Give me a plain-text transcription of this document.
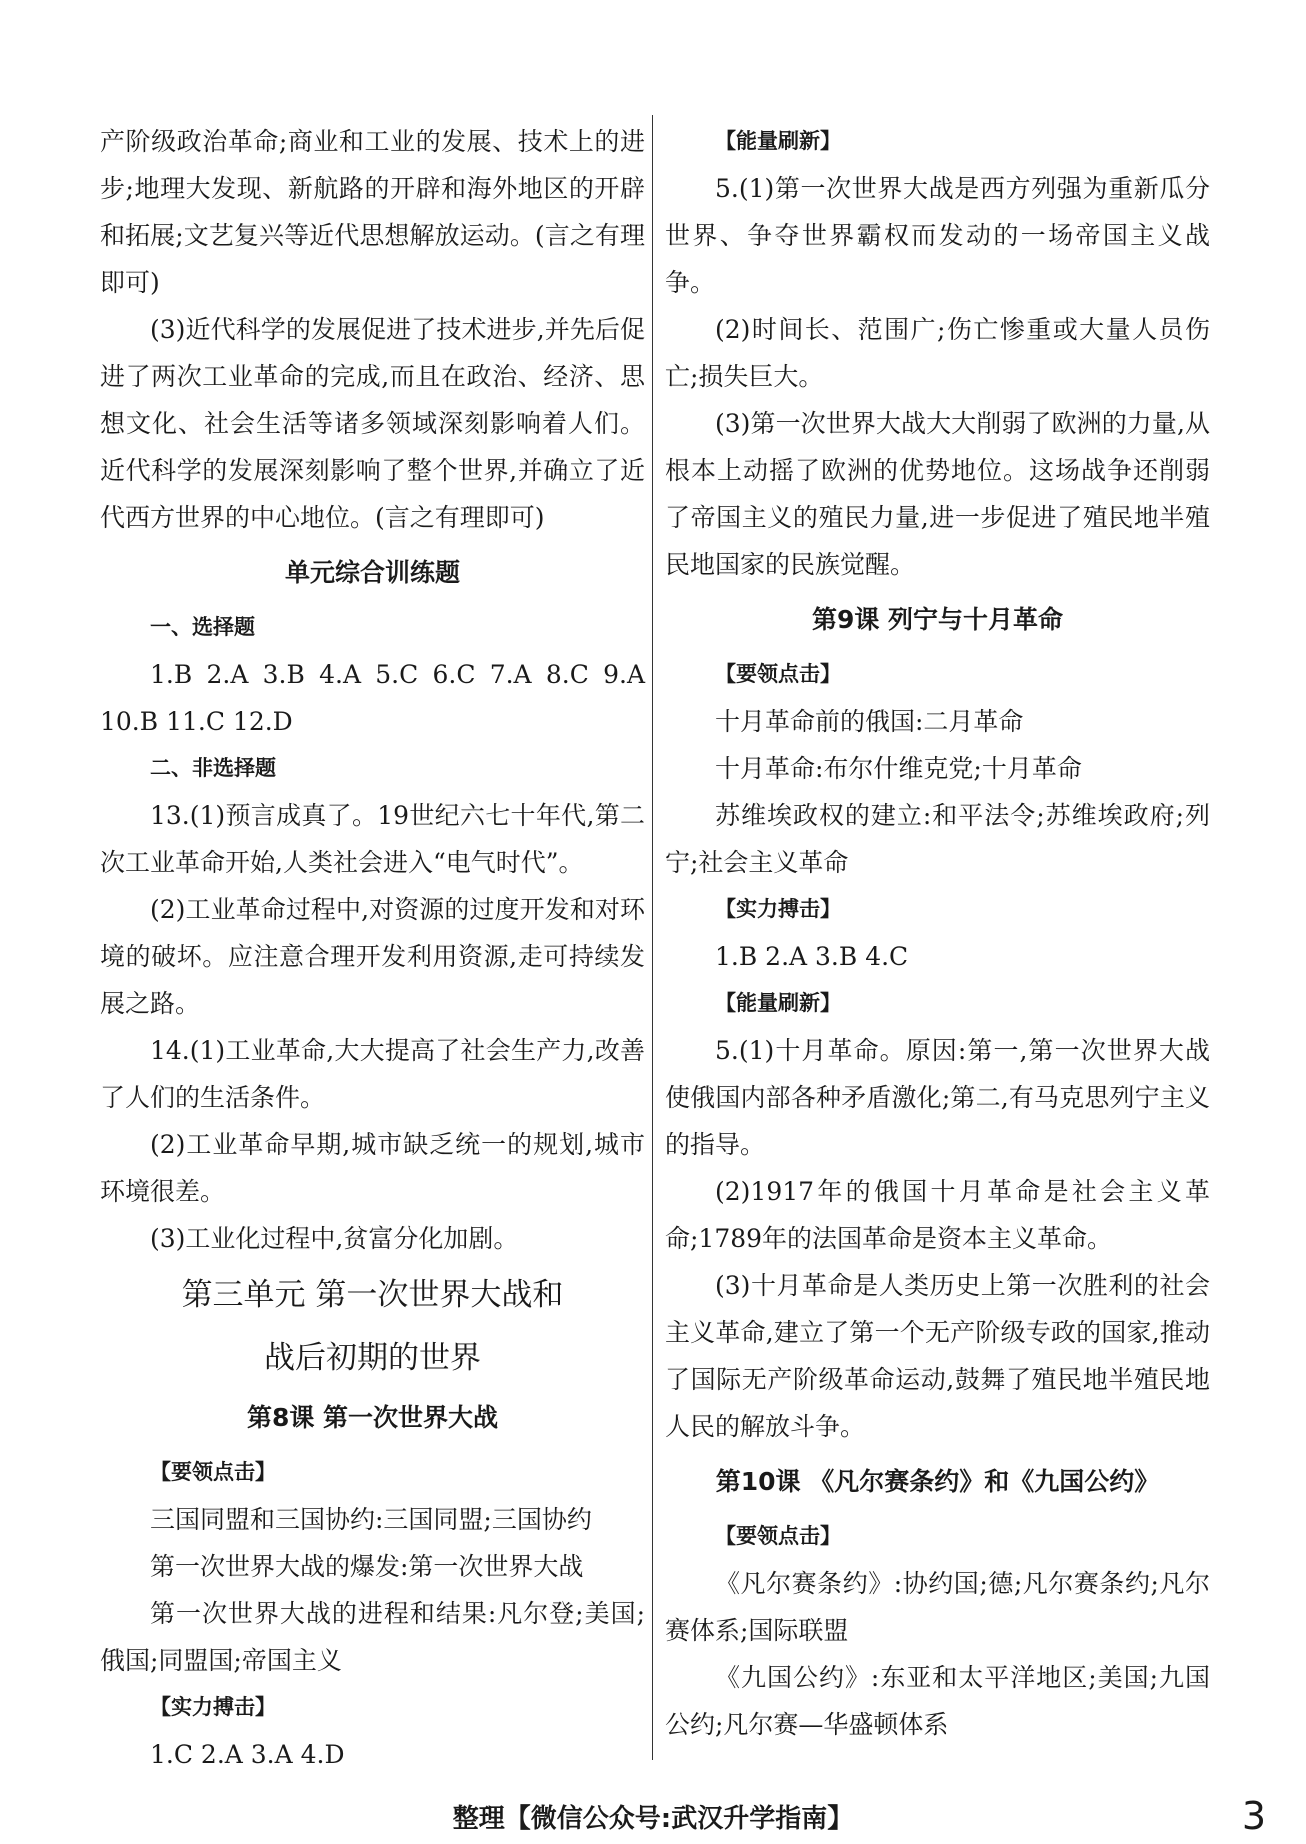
产阶级政治革命;商业和工业的发展、技术上的进步;地理大发现、新航路的开辟和海外地区的开辟和拓展;文艺复兴等近代思想解放运动。(言之有理即可)
(3)近代科学的发展促进了技术进步,并先后促进了两次工业革命的完成,而且在政治、经济、思想文化、社会生活等诸多领域深刻影响着人们。近代科学的发展深刻影响了整个世界,并确立了近代西方世界的中心地位。(言之有理即可)
单元综合训练题
一、选择题
1.B 2.A 3.B 4.A 5.C 6.C 7.A 8.C 9.A 10.B 11.C 12.D
二、非选择题
13.(1)预言成真了。19世纪六七十年代,第二次工业革命开始,人类社会进入“电气时代”。
(2)工业革命过程中,对资源的过度开发和对环境的破坏。应注意合理开发利用资源,走可持续发展之路。
14.(1)工业革命,大大提高了社会生产力,改善了人们的生活条件。
(2)工业革命早期,城市缺乏统一的规划,城市环境很差。
(3)工业化过程中,贫富分化加剧。
第三单元 第一次世界大战和
战后初期的世界
第8课 第一次世界大战
【要领点击】
三国同盟和三国协约:三国同盟;三国协约
第一次世界大战的爆发:第一次世界大战
第一次世界大战的进程和结果:凡尔登;美国;俄国;同盟国;帝国主义
【实力搏击】
1.C 2.A 3.A 4.D
【能量刷新】
5.(1)第一次世界大战是西方列强为重新瓜分世界、争夺世界霸权而发动的一场帝国主义战争。
(2)时间长、范围广;伤亡惨重或大量人员伤亡;损失巨大。
(3)第一次世界大战大大削弱了欧洲的力量,从根本上动摇了欧洲的优势地位。这场战争还削弱了帝国主义的殖民力量,进一步促进了殖民地半殖民地国家的民族觉醒。
第9课 列宁与十月革命
【要领点击】
十月革命前的俄国:二月革命
十月革命:布尔什维克党;十月革命
苏维埃政权的建立:和平法令;苏维埃政府;列宁;社会主义革命
【实力搏击】
1.B 2.A 3.B 4.C
【能量刷新】
5.(1)十月革命。原因:第一,第一次世界大战使俄国内部各种矛盾激化;第二,有马克思列宁主义的指导。
(2)1917年的俄国十月革命是社会主义革命;1789年的法国革命是资本主义革命。
(3)十月革命是人类历史上第一次胜利的社会主义革命,建立了第一个无产阶级专政的国家,推动了国际无产阶级革命运动,鼓舞了殖民地半殖民地人民的解放斗争。
第10课 《凡尔赛条约》和《九国公约》
【要领点击】
《凡尔赛条约》:协约国;德;凡尔赛条约;凡尔赛体系;国际联盟
《九国公约》:东亚和太平洋地区;美国;九国公约;凡尔赛—华盛顿体系
整理【微信公众号:武汉升学指南】	3
